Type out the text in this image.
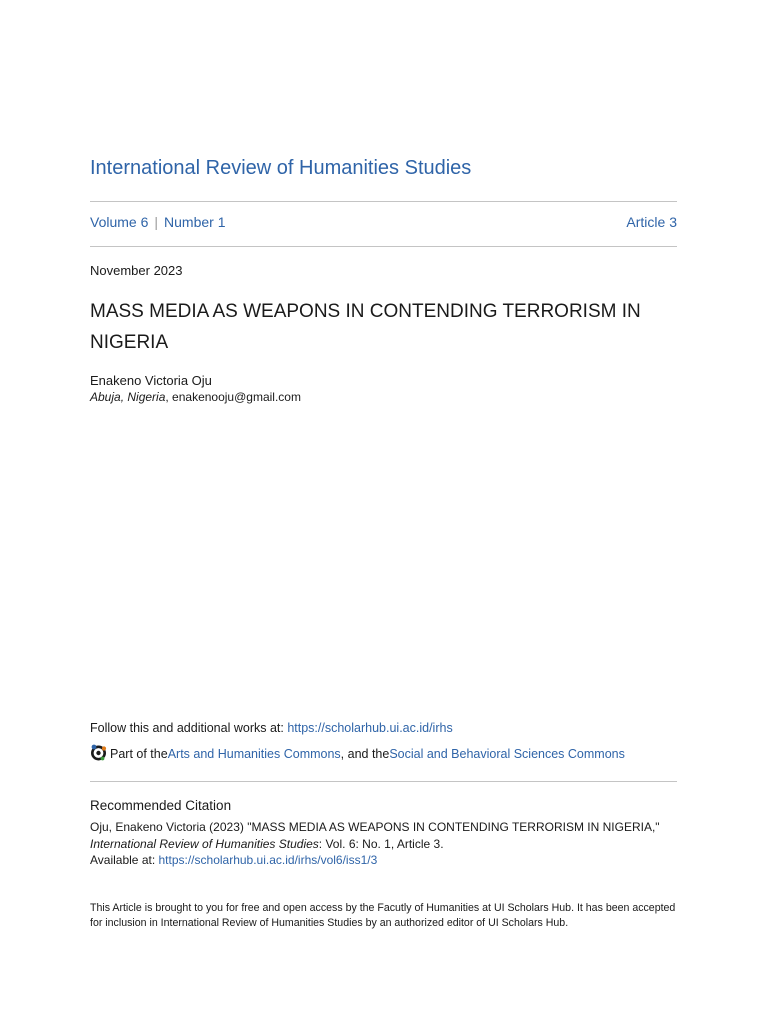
International Review of Humanities Studies
Volume 6 | Number 1	Article 3
November 2023
MASS MEDIA AS WEAPONS IN CONTENDING TERRORISM IN NIGERIA
Enakeno Victoria Oju
Abuja, Nigeria, enakenooju@gmail.com
Follow this and additional works at: https://scholarhub.ui.ac.id/irhs
Part of the Arts and Humanities Commons , and the Social and Behavioral Sciences Commons
Recommended Citation
Oju, Enakeno Victoria (2023) "MASS MEDIA AS WEAPONS IN CONTENDING TERRORISM IN NIGERIA,"
International Review of Humanities Studies: Vol. 6: No. 1, Article 3.
Available at: https://scholarhub.ui.ac.id/irhs/vol6/iss1/3
This Article is brought to you for free and open access by the Facutly of Humanities at UI Scholars Hub. It has been accepted for inclusion in International Review of Humanities Studies by an authorized editor of UI Scholars Hub.
